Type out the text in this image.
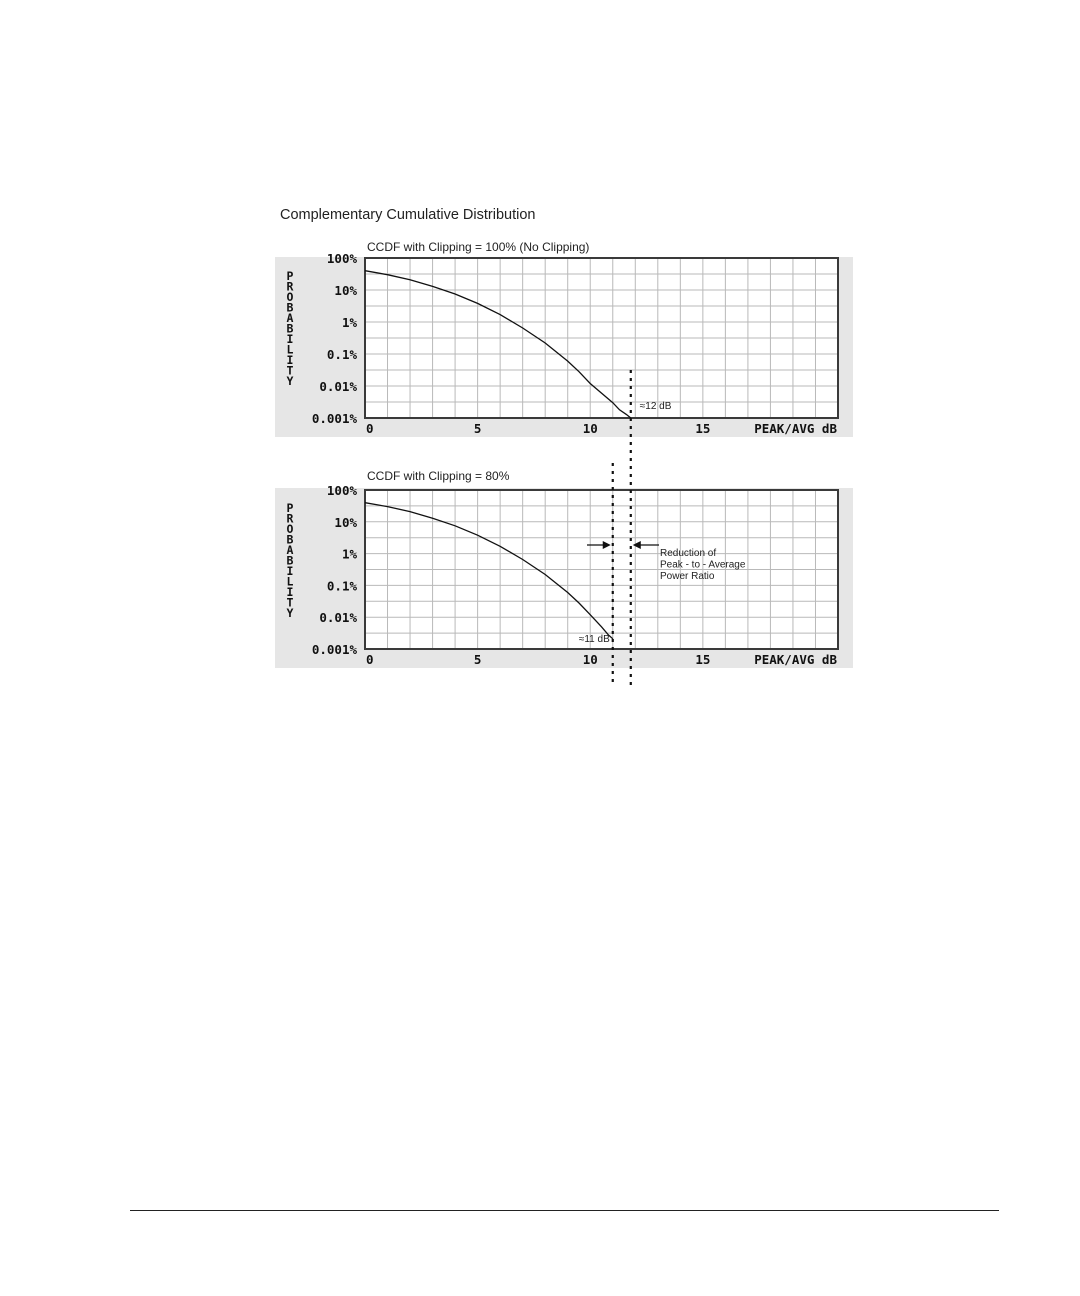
Complementary Cumulative Distribution
CCDF with Clipping = 100% (No Clipping)
100%
10%
1%
0.1%
0.01%
0.001%
0	5	10	15	PEAK/AVG dB
P R O B A B I L I T Y
CCDF with Clipping = 80%
100%
10%
1%
0.1%
0.01%
0.001%
0	5	10	15	PEAK/AVG dB
P R O B A B I L I T Y
≈12 dB
≈11 dB
Reduction of Peak - to - Average Power Ratio
